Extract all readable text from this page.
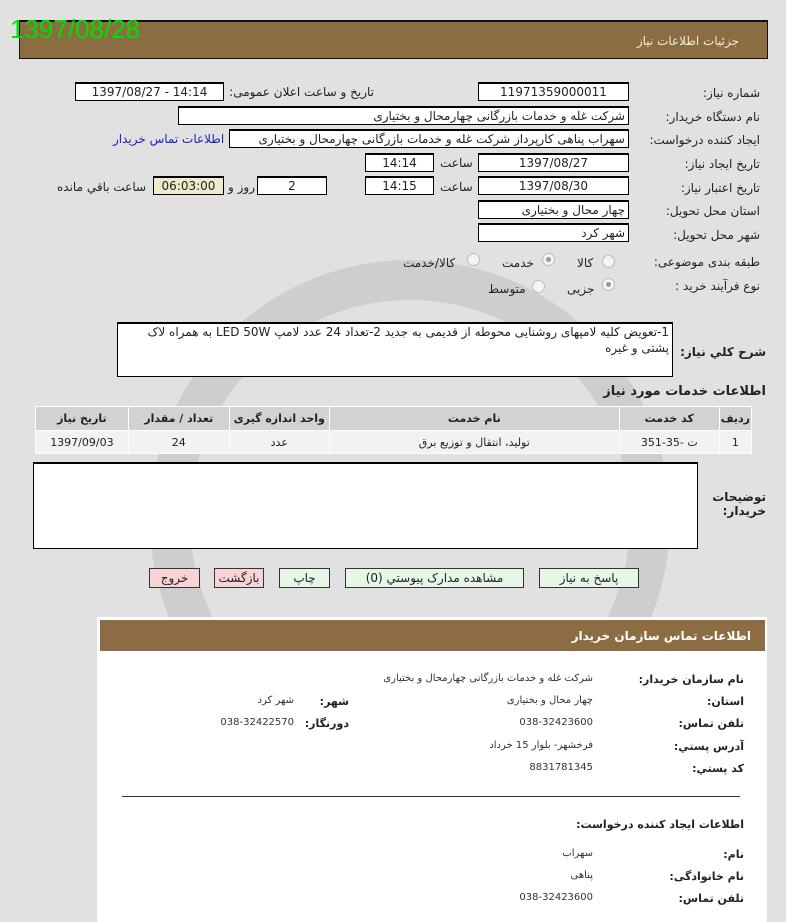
جزئیات اطلاعات نیاز
1397/08/28
شماره نیاز:
11971359000011
تاریخ و ساعت اعلان عمومی:
1397/08/27 - 14:14
نام دستگاه خریدار:
شرکت غله و خدمات بازرگانی چهارمحال و بختیاری
ایجاد کننده درخواست:
سهراب پناهی کارپرداز شرکت غله و خدمات بازرگانی چهارمحال و بختیاری
اطلاعات تماس خریدار
تاریخ ایجاد نیاز:
1397/08/27
ساعت
14:14
تاریخ اعتبار نیاز:
1397/08/30
ساعت
14:15
2
روز و
06:03:00
ساعت باقي مانده
استان محل تحویل:
چهار محال و بختیاری
شهر محل تحویل:
شهر کرد
طبقه بندی موضوعی:
کالا
خدمت
کالا/خدمت
نوع فرآیند خرید :
جزیی
متوسط
شرح كلي نياز:
1-تعویض کلیه لامپهای روشنایی محوطه از قدیمی به جدید 2-تعداد 24 عدد لامپ LED 50W به همراه لاک پشتی و غیره
اطلاعات خدمات مورد نیاز
ردیف	کد خدمت	نام خدمت	واحد اندازه گیری	تعداد / مقدار	تاریخ نیاز
1	ت -35-351	تولید، انتقال و توزیع برق	عدد	24	1397/09/03
توضیحات خریدار:
پاسخ به نیاز
مشاهده مدارک پیوستي (0)
چاپ
بازگشت
خروج
اطلاعات تماس سازمان خریدار
نام سازمان خریدار:
شرکت غله و خدمات بازرگانی چهارمحال و بختیاری
استان:
چهار محال و بختیاری
شهر:
شهر کرد
تلفن تماس:
038-32423600
دورنگار:
038-32422570
آدرس پستي:
فرخشهر- بلوار 15 خرداد
کد پستي:
8831781345
اطلاعات ایجاد کننده درخواست:
نام:
سهراب
نام خانوادگی:
پناهی
تلفن تماس:
038-32423600
